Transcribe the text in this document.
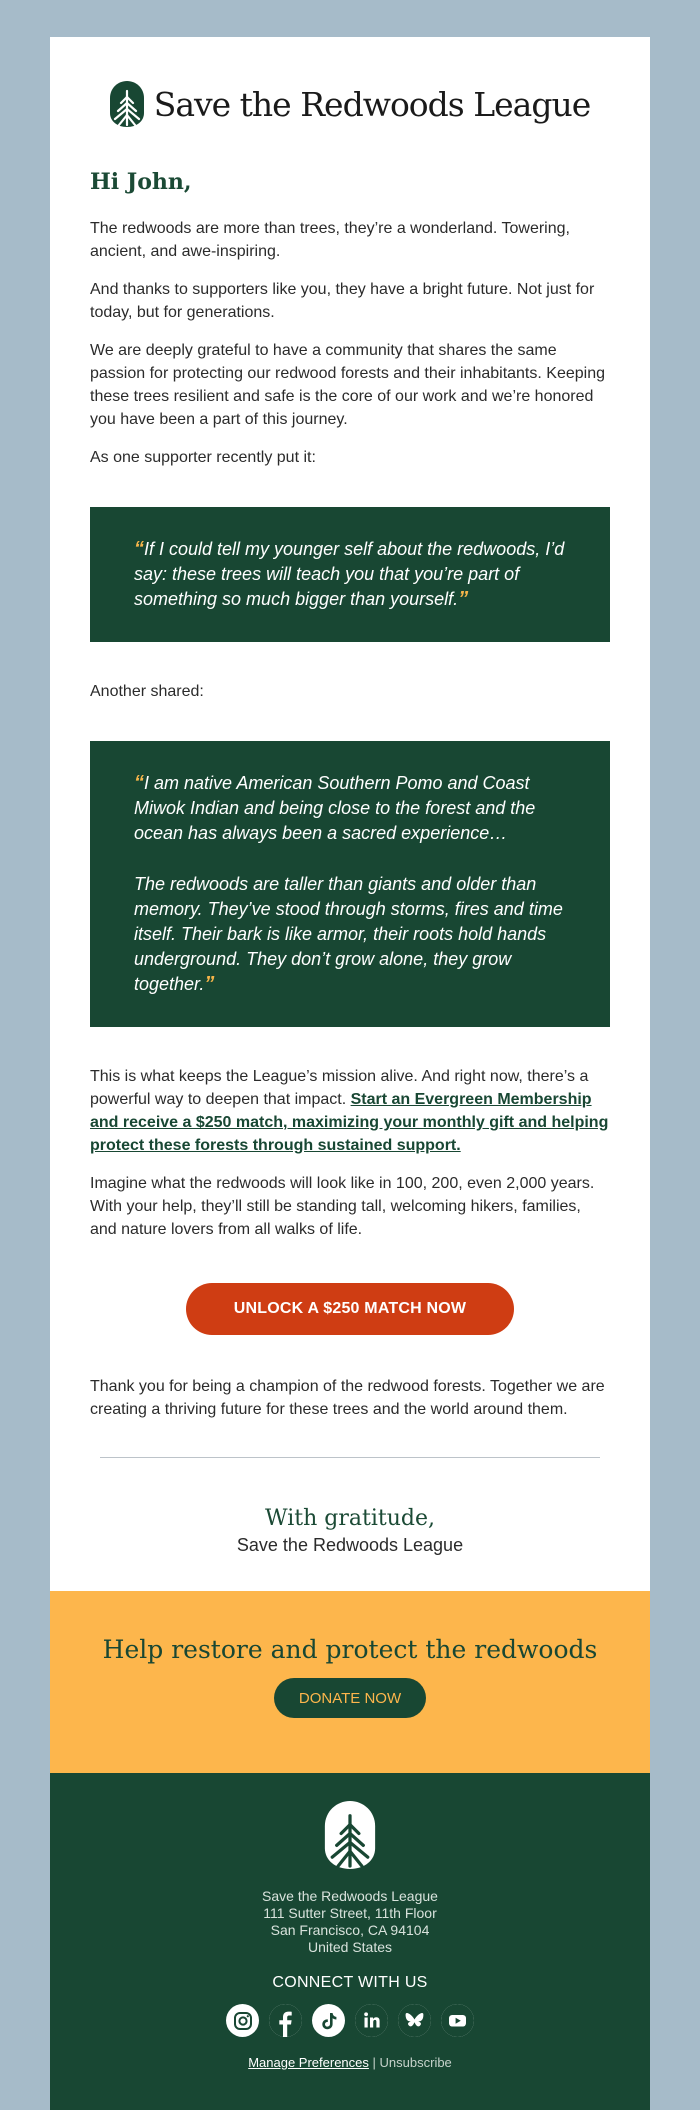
Save the Redwoods League
Hi John,

The redwoods are more than trees, they’re a wonderland. Towering, ancient, and awe-inspiring.

And thanks to supporters like you, they have a bright future. Not just for today, but for generations.

We are deeply grateful to have a community that shares the same passion for protecting our redwood forests and their inhabitants. Keeping these trees resilient and safe is the core of our work and we’re honored you have been a part of this journey.

As one supporter recently put it:

“If I could tell my younger self about the redwoods, I’d say: these trees will teach you that you’re part of something so much bigger than yourself.”

Another shared:

“I am native American Southern Pomo and Coast Miwok Indian and being close to the forest and the ocean has always been a sacred experience…

The redwoods are taller than giants and older than memory. They’ve stood through storms, fires and time itself. Their bark is like armor, their roots hold hands underground. They don’t grow alone, they grow together.”

This is what keeps the League’s mission alive. And right now, there’s a powerful way to deepen that impact. Start an Evergreen Membership and receive a $250 match, maximizing your monthly gift and helping protect these forests through sustained support.

Imagine what the redwoods will look like in 100, 200, even 2,000 years. With your help, they’ll still be standing tall, welcoming hikers, families, and nature lovers from all walks of life.

UNLOCK A $250 MATCH NOW

Thank you for being a champion of the redwood forests. Together we are creating a thriving future for these trees and the world around them.

With gratitude,
Save the Redwoods League
Help restore and protect the redwoods
DONATE NOW
Save the Redwoods League
111 Sutter Street, 11th Floor
San Francisco, CA 94104
United States
CONNECT WITH US
Manage Preferences | Unsubscribe
